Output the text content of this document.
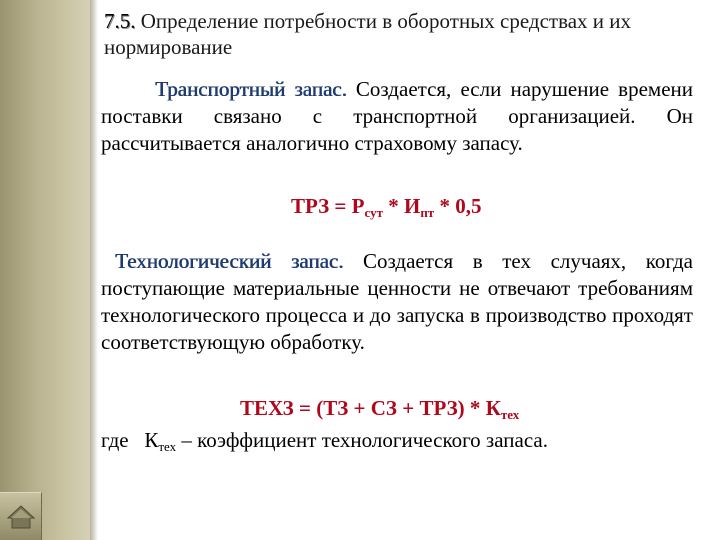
7.5. Определение потребности в оборотных средствах и их нормирование
Транспортный запас. Создается, если нарушение времени поставки связано с транспортной организацией. Он рассчитывается аналогично страховому запасу.
ТРЗ = $Р_{сут} * И_{пт} * 0,5$
Технологический запас. Создается в тех случаях, когда поступающие материальные ценности не отвечают требованиям технологического процесса и до запуска в производство проходят соответствующую обработку.
ТЕХЗ = (ТЗ + СЗ + $ТРЗ) * К_{тех}$
где   $К_{тех}$ – коэффициент технологического запаса.
